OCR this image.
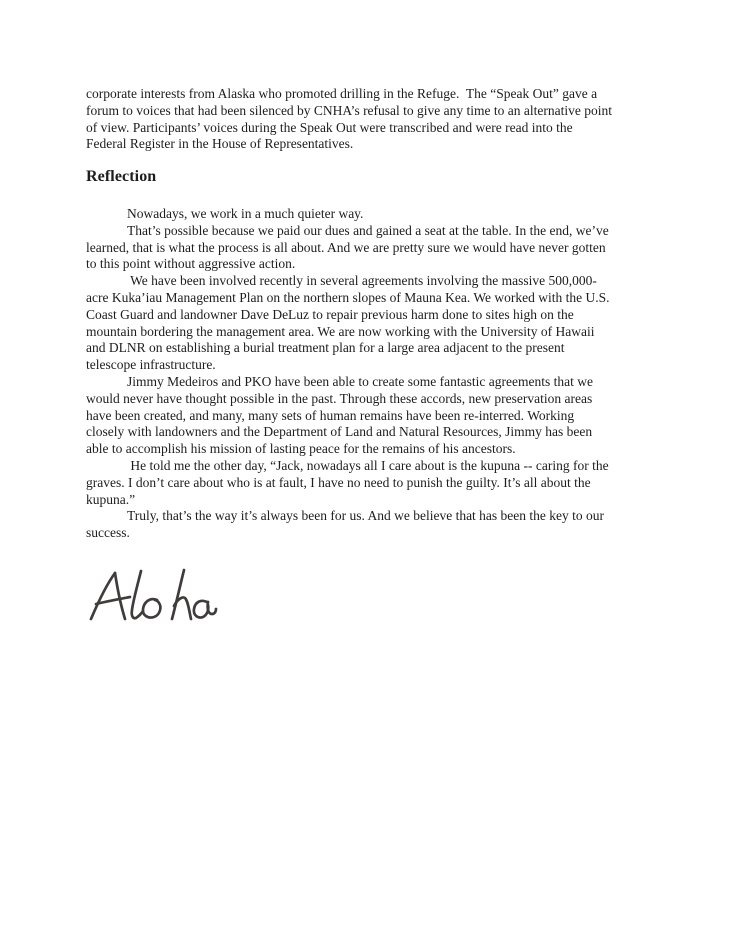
corporate interests from Alaska who promoted drilling in the Refuge.  The “Speak Out” gave a
forum to voices that had been silenced by CNHA’s refusal to give any time to an alternative point
of view. Participants’ voices during the Speak Out were transcribed and were read into the
Federal Register in the House of Representatives.
Reflection
Nowadays, we work in a much quieter way.
That’s possible because we paid our dues and gained a seat at the table. In the end, we’ve
learned, that is what the process is all about. And we are pretty sure we would have never gotten
to this point without aggressive action.
We have been involved recently in several agreements involving the massive 500,000-
acre Kuka’iau Management Plan on the northern slopes of Mauna Kea. We worked with the U.S.
Coast Guard and landowner Dave DeLuz to repair previous harm done to sites high on the
mountain bordering the management area. We are now working with the University of Hawaii
and DLNR on establishing a burial treatment plan for a large area adjacent to the present
telescope infrastructure.
Jimmy Medeiros and PKO have been able to create some fantastic agreements that we
would never have thought possible in the past. Through these accords, new preservation areas
have been created, and many, many sets of human remains have been re-interred. Working
closely with landowners and the Department of Land and Natural Resources, Jimmy has been
able to accomplish his mission of lasting peace for the remains of his ancestors.
He told me the other day, “Jack, nowadays all I care about is the kupuna -- caring for the
graves. I don’t care about who is at fault, I have no need to punish the guilty. It’s all about the
kupuna.”
Truly, that’s the way it’s always been for us. And we believe that has been the key to our
success.
